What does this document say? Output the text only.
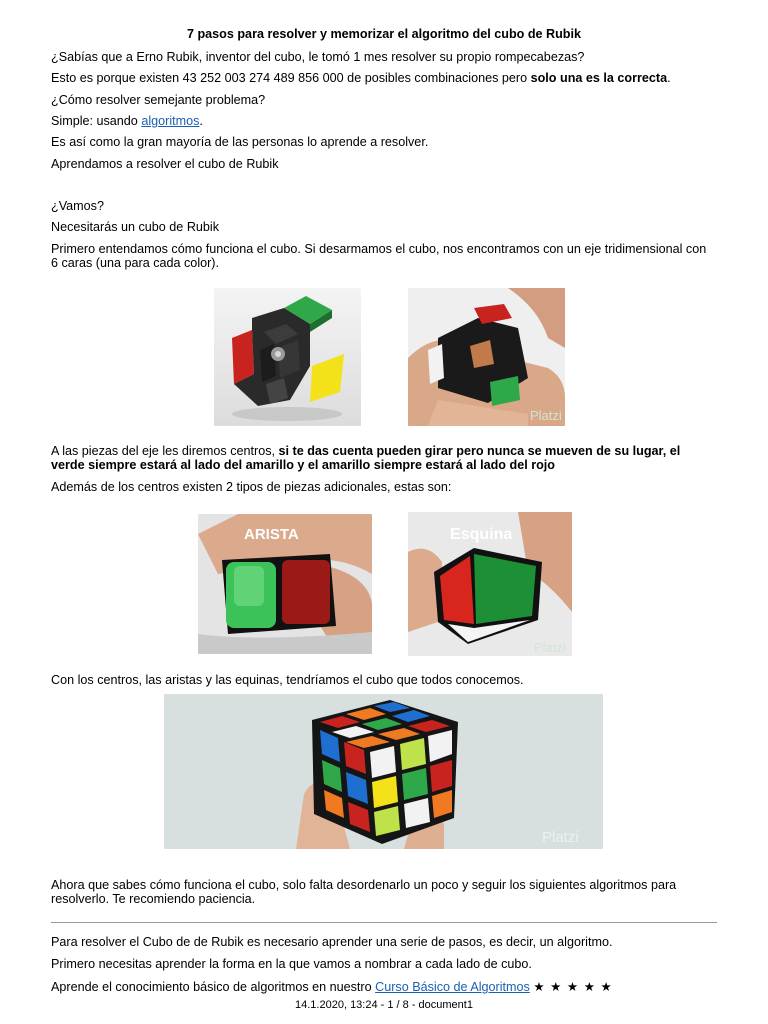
7 pasos para resolver y memorizar el algoritmo del cubo de Rubik
¿Sabías que a Erno Rubik, inventor del cubo, le tomó 1 mes resolver su propio rompecabezas?
Esto es porque existen 43 252 003 274 489 856 000 de posibles combinaciones pero solo una es la correcta.
¿Cómo resolver semejante problema?
Simple: usando algoritmos.
Es así como la gran mayoría de las personas lo aprende a resolver.
Aprendamos a resolver el cubo de Rubik
¿Vamos?
Necesitarás un cubo de Rubik
Primero entendamos cómo funciona el cubo. Si desarmamos el cubo, nos encontramos con un eje tridimensional con 6 caras (una para cada color).
Platzi
A las piezas del eje les diremos centros, si te das cuenta pueden girar pero nunca se mueven de su lugar, el verde siempre estará al lado del amarillo y el amarillo siempre estará al lado del rojo
Además de los centros existen 2 tipos de piezas adicionales, estas son:
ARISTA	Esquina
Platzi
Con los centros, las aristas y las equinas, tendríamos el cubo que todos conocemos.
Platzi
Ahora que sabes cómo funciona el cubo, solo falta desordenarlo un poco y seguir los siguientes algoritmos para resolverlo. Te recomiendo paciencia.
Para resolver el Cubo de de Rubik es necesario aprender una serie de pasos, es decir, un algoritmo.
Primero necesitas aprender la forma en la que vamos a nombrar a cada lado de cubo.
Aprende el conocimiento básico de algoritmos en nuestro Curso Básico de Algoritmos ★ ★ ★ ★ ★
14.1.2020, 13:24 - 1 / 8 - document1
